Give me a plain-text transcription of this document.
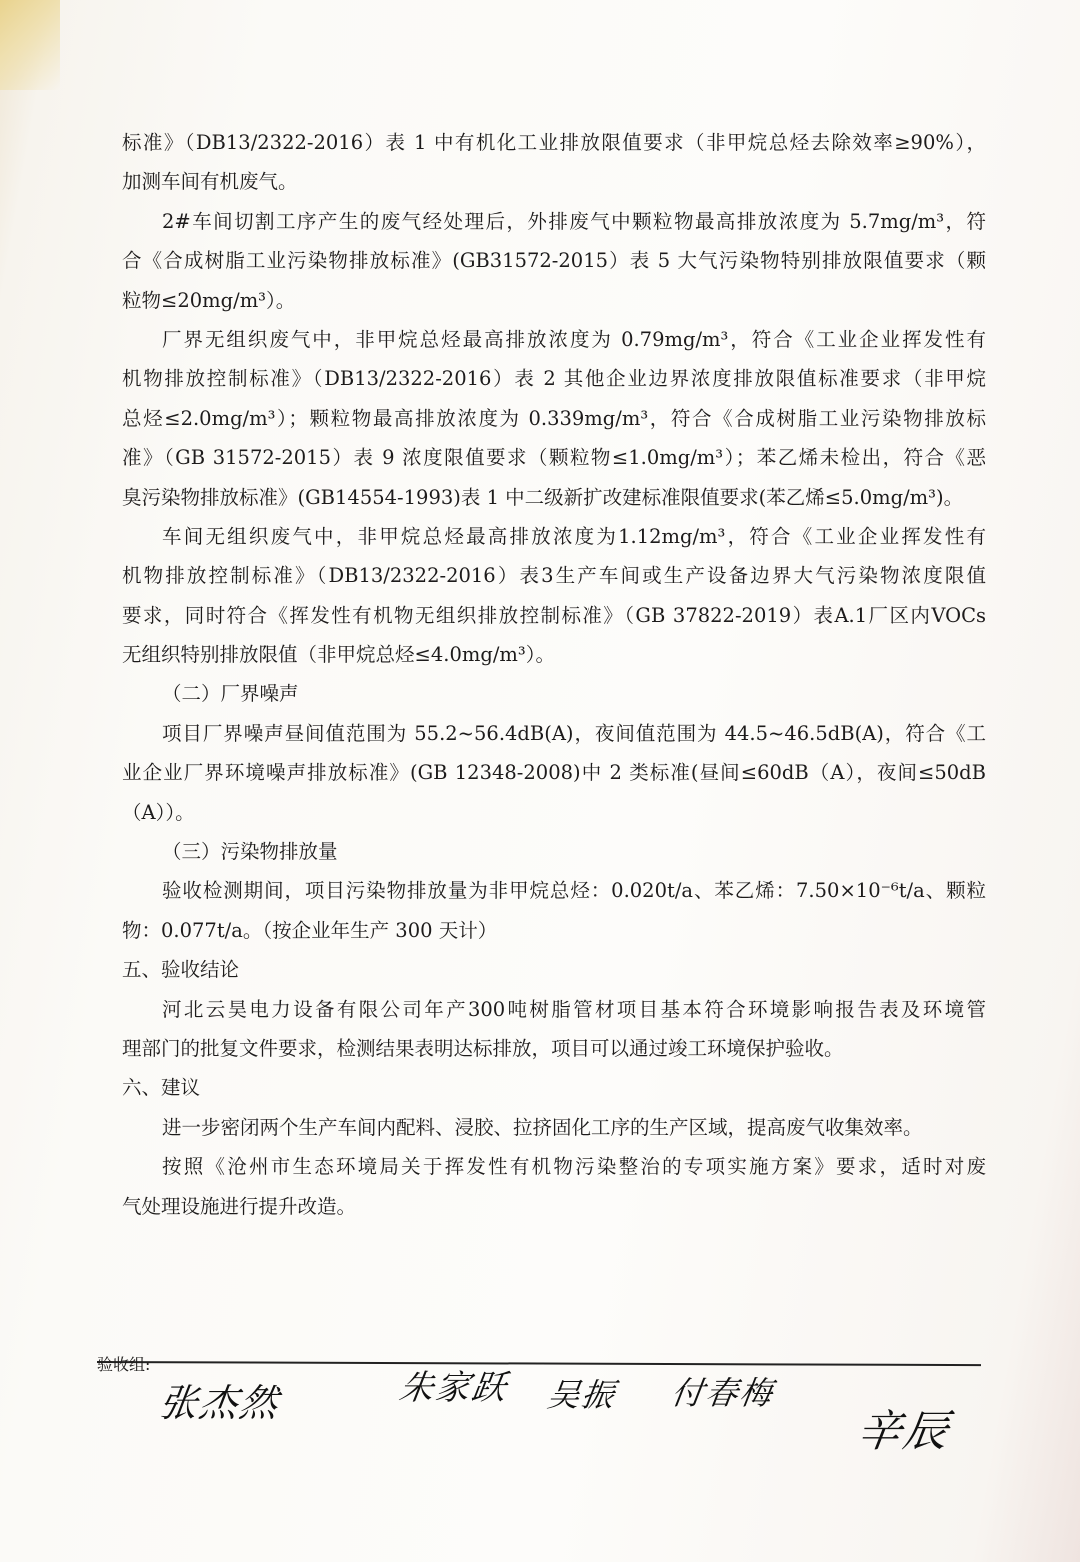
标准》（DB13/2322-2016）表 1 中有机化工业排放限值要求（非甲烷总烃去除效率≥90%），
加测车间有机废气。
2#车间切割工序产生的废气经处理后，外排废气中颗粒物最高排放浓度为 5.7mg/m³，符
合《合成树脂工业污染物排放标准》(GB31572-2015）表 5 大气污染物特别排放限值要求（颗
粒物≤20mg/m³）。
厂界无组织废气中，非甲烷总烃最高排放浓度为 0.79mg/m³，符合《工业企业挥发性有
机物排放控制标准》（DB13/2322-2016）表 2 其他企业边界浓度排放限值标准要求（非甲烷
总烃≤2.0mg/m³）；颗粒物最高排放浓度为 0.339mg/m³，符合《合成树脂工业污染物排放标
准》（GB 31572-2015）表 9 浓度限值要求（颗粒物≤1.0mg/m³）；苯乙烯未检出，符合《恶
臭污染物排放标准》(GB14554-1993)表 1 中二级新扩改建标准限值要求(苯乙烯≤5.0mg/m³)。
车间无组织废气中，非甲烷总烃最高排放浓度为1.12mg/m³，符合《工业企业挥发性有
机物排放控制标准》（DB13/2322-2016）表3生产车间或生产设备边界大气污染物浓度限值
要求，同时符合《挥发性有机物无组织排放控制标准》（GB 37822-2019）表A.1厂区内VOCs
无组织特别排放限值（非甲烷总烃≤4.0mg/m³）。
（二）厂界噪声
项目厂界噪声昼间值范围为 55.2~56.4dB(A)，夜间值范围为 44.5~46.5dB(A)，符合《工
业企业厂界环境噪声排放标准》(GB 12348-2008)中 2 类标准(昼间≤60dB（A），夜间≤50dB
（A））。
（三）污染物排放量
验收检测期间，项目污染物排放量为非甲烷总烃：0.020t/a、苯乙烯：7.50×10⁻⁶t/a、颗粒
物：0.077t/a。（按企业年生产 300 天计）
五、验收结论
河北云昊电力设备有限公司年产300吨树脂管材项目基本符合环境影响报告表及环境管
理部门的批复文件要求，检测结果表明达标排放，项目可以通过竣工环境保护验收。
六、建议
进一步密闭两个生产车间内配料、浸胶、拉挤固化工序的生产区域，提高废气收集效率。
按照《沧州市生态环境局关于挥发性有机物污染整治的专项实施方案》要求，适时对废
气处理设施进行提升改造。
验收组:
张杰然	朱家跃 吴振 付春梅
辛辰
